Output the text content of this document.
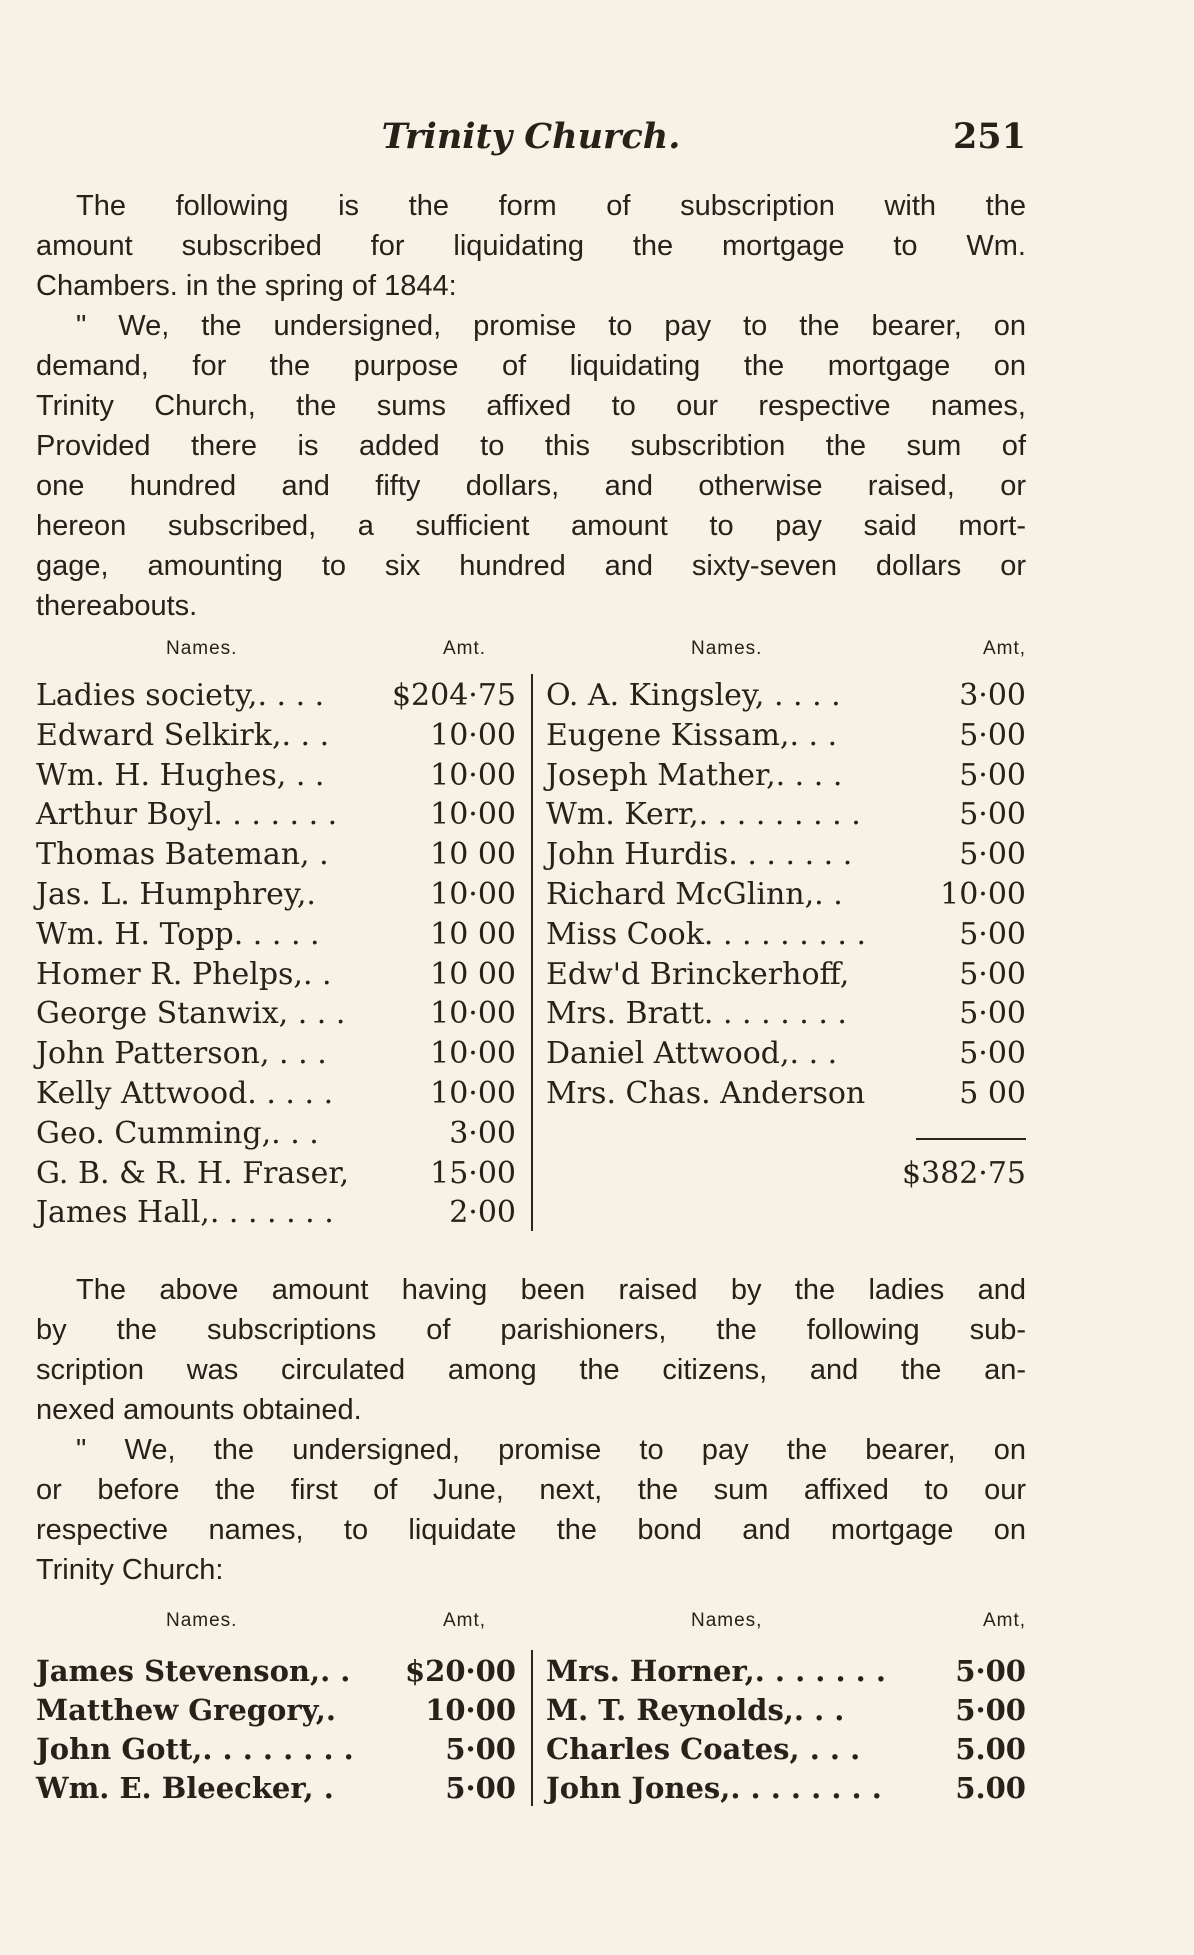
Trinity Church.	251
The following is the form of subscription with the
amount subscribed for liquidating the mortgage to Wm.
Chambers. in the spring of 1844:
" We, the undersigned, promise to pay to the bearer, on
demand, for the purpose of liquidating the mortgage on
Trinity Church, the sums affixed to our respective names,
Provided there is added to this subscribtion the sum of
one hundred and fifty dollars, and otherwise raised, or
hereon subscribed, a sufficient amount to pay said mort-
gage, amounting to six hundred and sixty-seven dollars or
thereabouts.
Names.	Amt.
Ladies society,. . . . $204·75
Edward Selkirk,. . .	10·00
Wm. H. Hughes, . .	10·00
Arthur Boyl. . . . . . .	10·00
Thomas Bateman, .	10 00
Jas. L. Humphrey,.	10·00
Wm. H. Topp. . . . .	10 00
Homer R. Phelps,. .	10 00
George Stanwix, . . .	10·00
John Patterson, . . .	10·00
Kelly Attwood. . . . .	10·00
Geo. Cumming,. . .	3·00
G. B. & R. H. Fraser,	15·00
James Hall,. . . . . . .	2·00
Names.	Amt,
O. A. Kingsley, . . . .	3·00
Eugene Kissam,. . .	5·00
Joseph Mather,. . . .	5·00
Wm. Kerr,. . . . . . . . .	5·00
John Hurdis. . . . . . .	5·00
Richard McGlinn,. .	10·00
Miss Cook. . . . . . . . .	5·00
Edw'd Brinckerhoff,	5·00
Mrs. Bratt. . . . . . . .	5·00
Daniel Attwood,. . .	5·00
Mrs. Chas. Anderson	5 00
$382·75
The above amount having been raised by the ladies and
by the subscriptions of parishioners, the following sub-
scription was circulated among the citizens, and the an-
nexed amounts obtained.
" We, the undersigned, promise to pay the bearer, on
or before the first of June, next, the sum affixed to our
respective names, to liquidate the bond and mortgage on
Trinity Church:
Names.	Amt,
James Stevenson,. . $20·00
Matthew Gregory,.	10·00
John Gott,. . . . . . . .	5·00
Wm. E. Bleecker, .	5·00
Names,	Amt,
Mrs. Horner,. . . . . . . 5·00
M. T. Reynolds,. . .	5·00
Charles Coates, . . .	5.00
John Jones,. . . . . . . .	5.00
